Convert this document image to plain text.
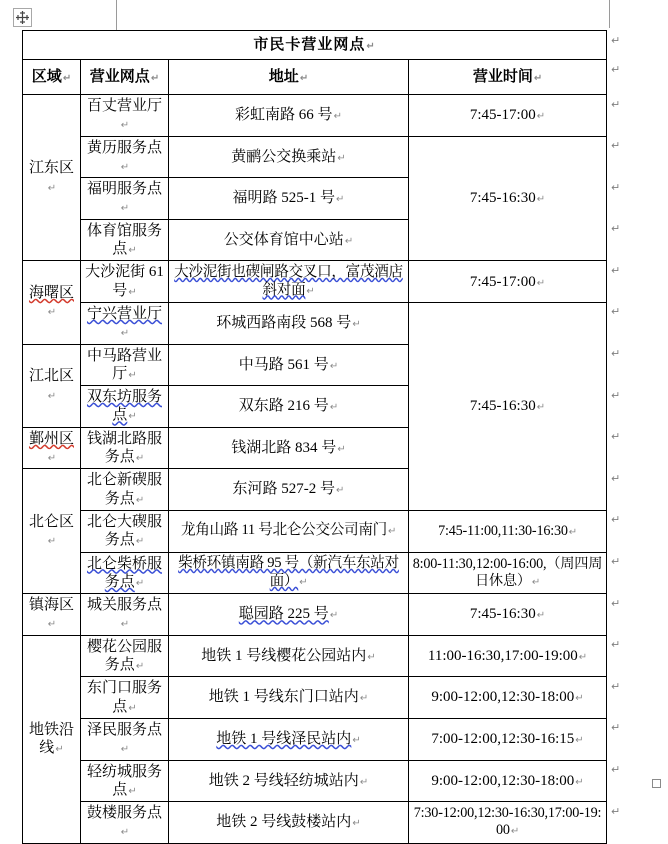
市民卡营业网点↵			
区域↵	营业网点↵	地址↵	营业时间↵
江东区↵	百丈营业厅↵	彩虹南路 66 号↵	7:45-17:00↵
	黄历服务点↵	黄鹂公交换乘站↵	7:45-16:30↵
	福明服务点↵	福明路 525-1 号↵	
	体育馆服务点↵	公交体育馆中心站↵	
海曙区↵	大沙泥街 61 号↵	大沙泥街也碶闸路交叉口，富茂酒店斜对面↵	7:45-17:00↵
	宁兴营业厅↵	环城西路南段 568 号↵	7:45-16:30↵
江北区↵	中马路营业厅↵	中马路 561 号↵	
	双东坊服务点↵	双东路 216 号↵	
鄞州区↵	钱湖北路服务点↵	钱湖北路 834 号↵	
北仑区↵	北仑新碶服务点↵	东河路 527-2 号↵	
	北仑大碶服务点↵	龙角山路 11 号北仑公交公司南门↵	7:45-11:00,11:30-16:30↵
	北仑柴桥服务点↵	柴桥环镇南路 95 号（新汽车东站对面）↵	8:00-11:30,12:00-16:00,（周四周日休息）↵
镇海区↵	城关服务点↵	聪园路 225 号↵	7:45-16:30↵
地铁沿线↵	樱花公园服务点↵	地铁 1 号线樱花公园站内↵	11:00-16:30,17:00-19:00↵
	东门口服务点↵	地铁 1 号线东门口站内↵	9:00-12:00,12:30-18:00↵
	泽民服务点↵	地铁 1 号线泽民站内↵	7:00-12:00,12:30-16:15↵
	轻纺城服务点↵	地铁 2 号线轻纺城站内↵	9:00-12:00,12:30-18:00↵
	鼓楼服务点↵	地铁 2 号线鼓楼站内↵	7:30-12:00,12:30-16:30,17:00-19:00↵
↵
↵
↵
↵
↵
↵
↵
↵
↵
↵
↵
↵
↵
↵
↵
↵
↵
↵
↵
↵
